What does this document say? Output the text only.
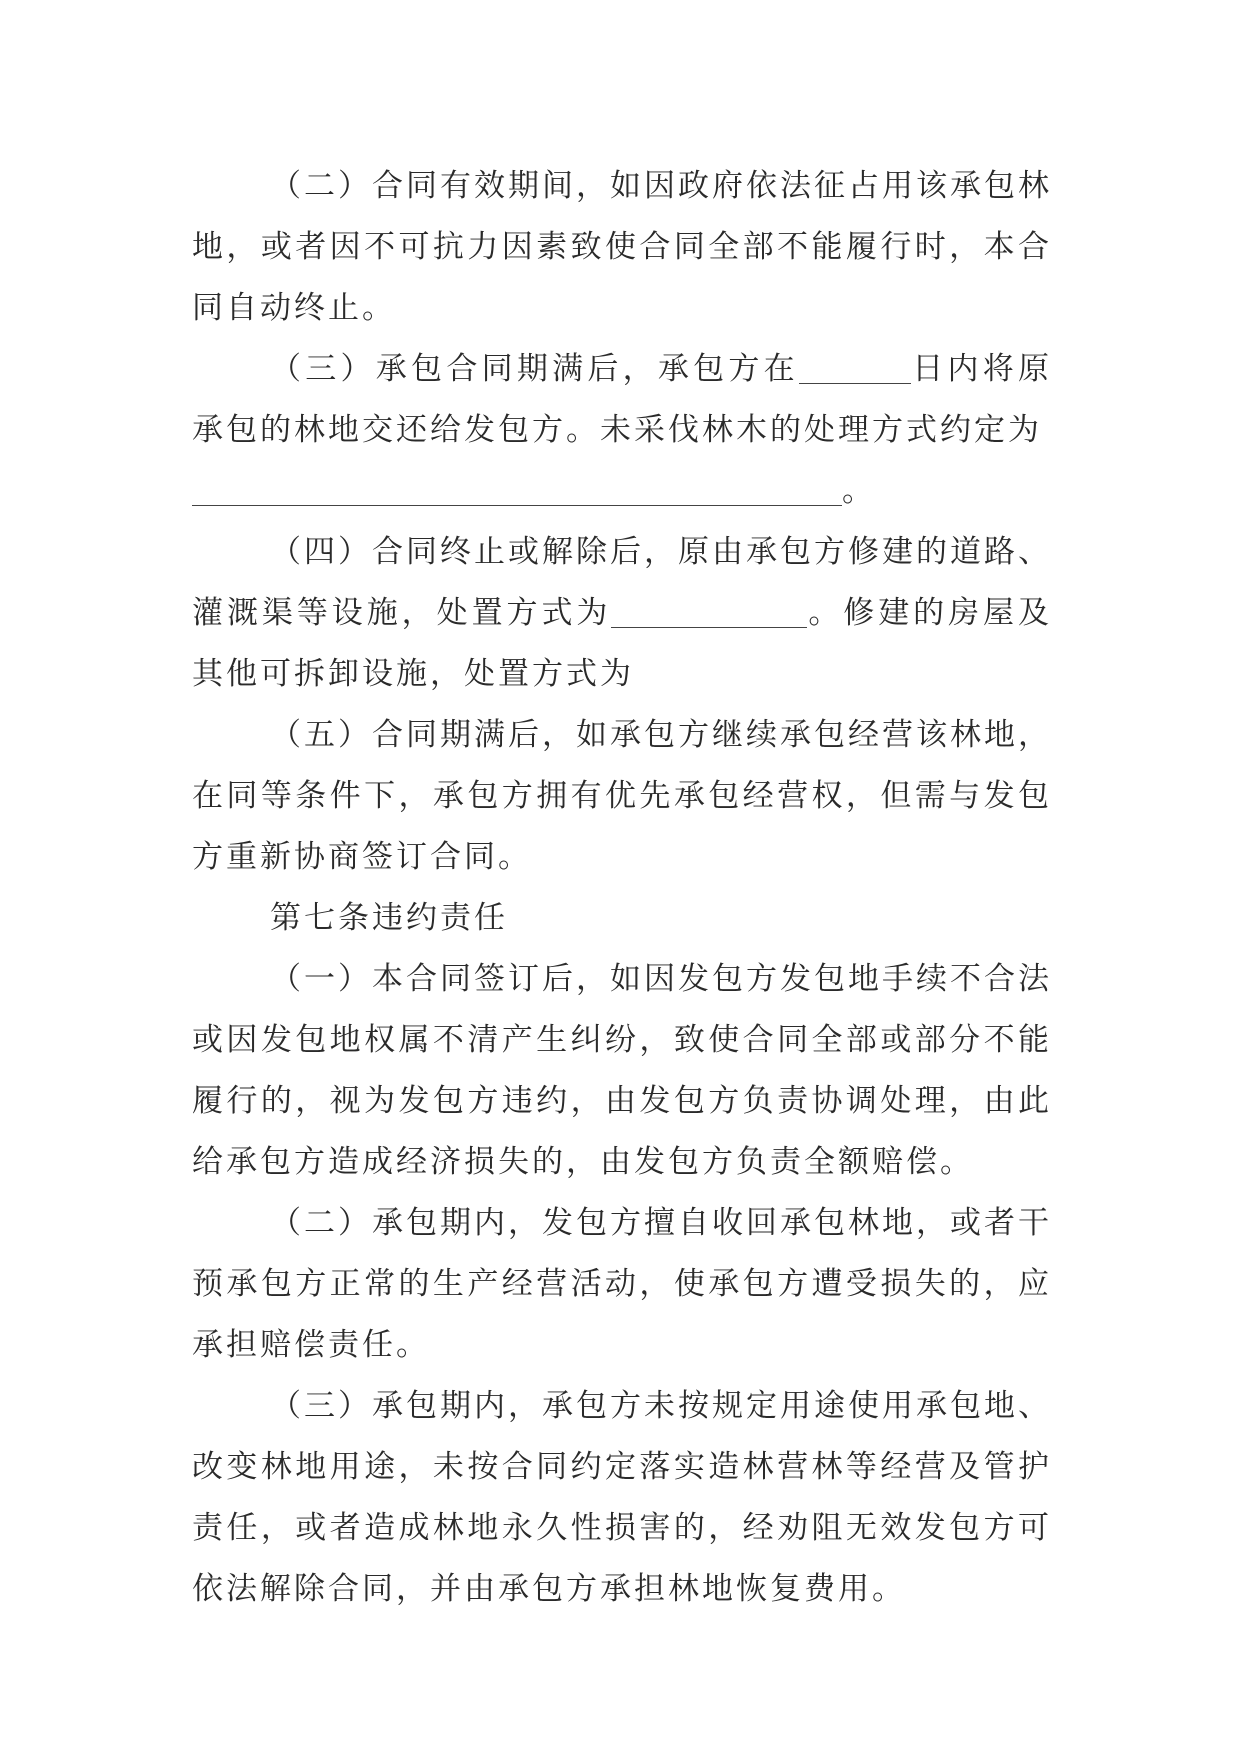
（二）合同有效期间，如因政府依法征占用该承包林地，或者因不可抗力因素致使合同全部不能履行时，本合同自动终止。

（三）承包合同期满后，承包方在	日内将原承包的林地交还给发包方。未采伐林木的处理方式约定为
。

（四）合同终止或解除后，原由承包方修建的道路、灌溉渠等设施，处置方式为	。修建的房屋及其他可拆卸设施，处置方式为

（五）合同期满后，如承包方继续承包经营该林地，在同等条件下，承包方拥有优先承包经营权，但需与发包方重新协商签订合同。

第七条违约责任

（一）本合同签订后，如因发包方发包地手续不合法或因发包地权属不清产生纠纷，致使合同全部或部分不能履行的，视为发包方违约，由发包方负责协调处理，由此给承包方造成经济损失的，由发包方负责全额赔偿。

（二）承包期内，发包方擅自收回承包林地，或者干预承包方正常的生产经营活动，使承包方遭受损失的，应承担赔偿责任。

（三）承包期内，承包方未按规定用途使用承包地、改变林地用途，未按合同约定落实造林营林等经营及管护责任，或者造成林地永久性损害的，经劝阻无效发包方可依法解除合同，并由承包方承担林地恢复费用。
